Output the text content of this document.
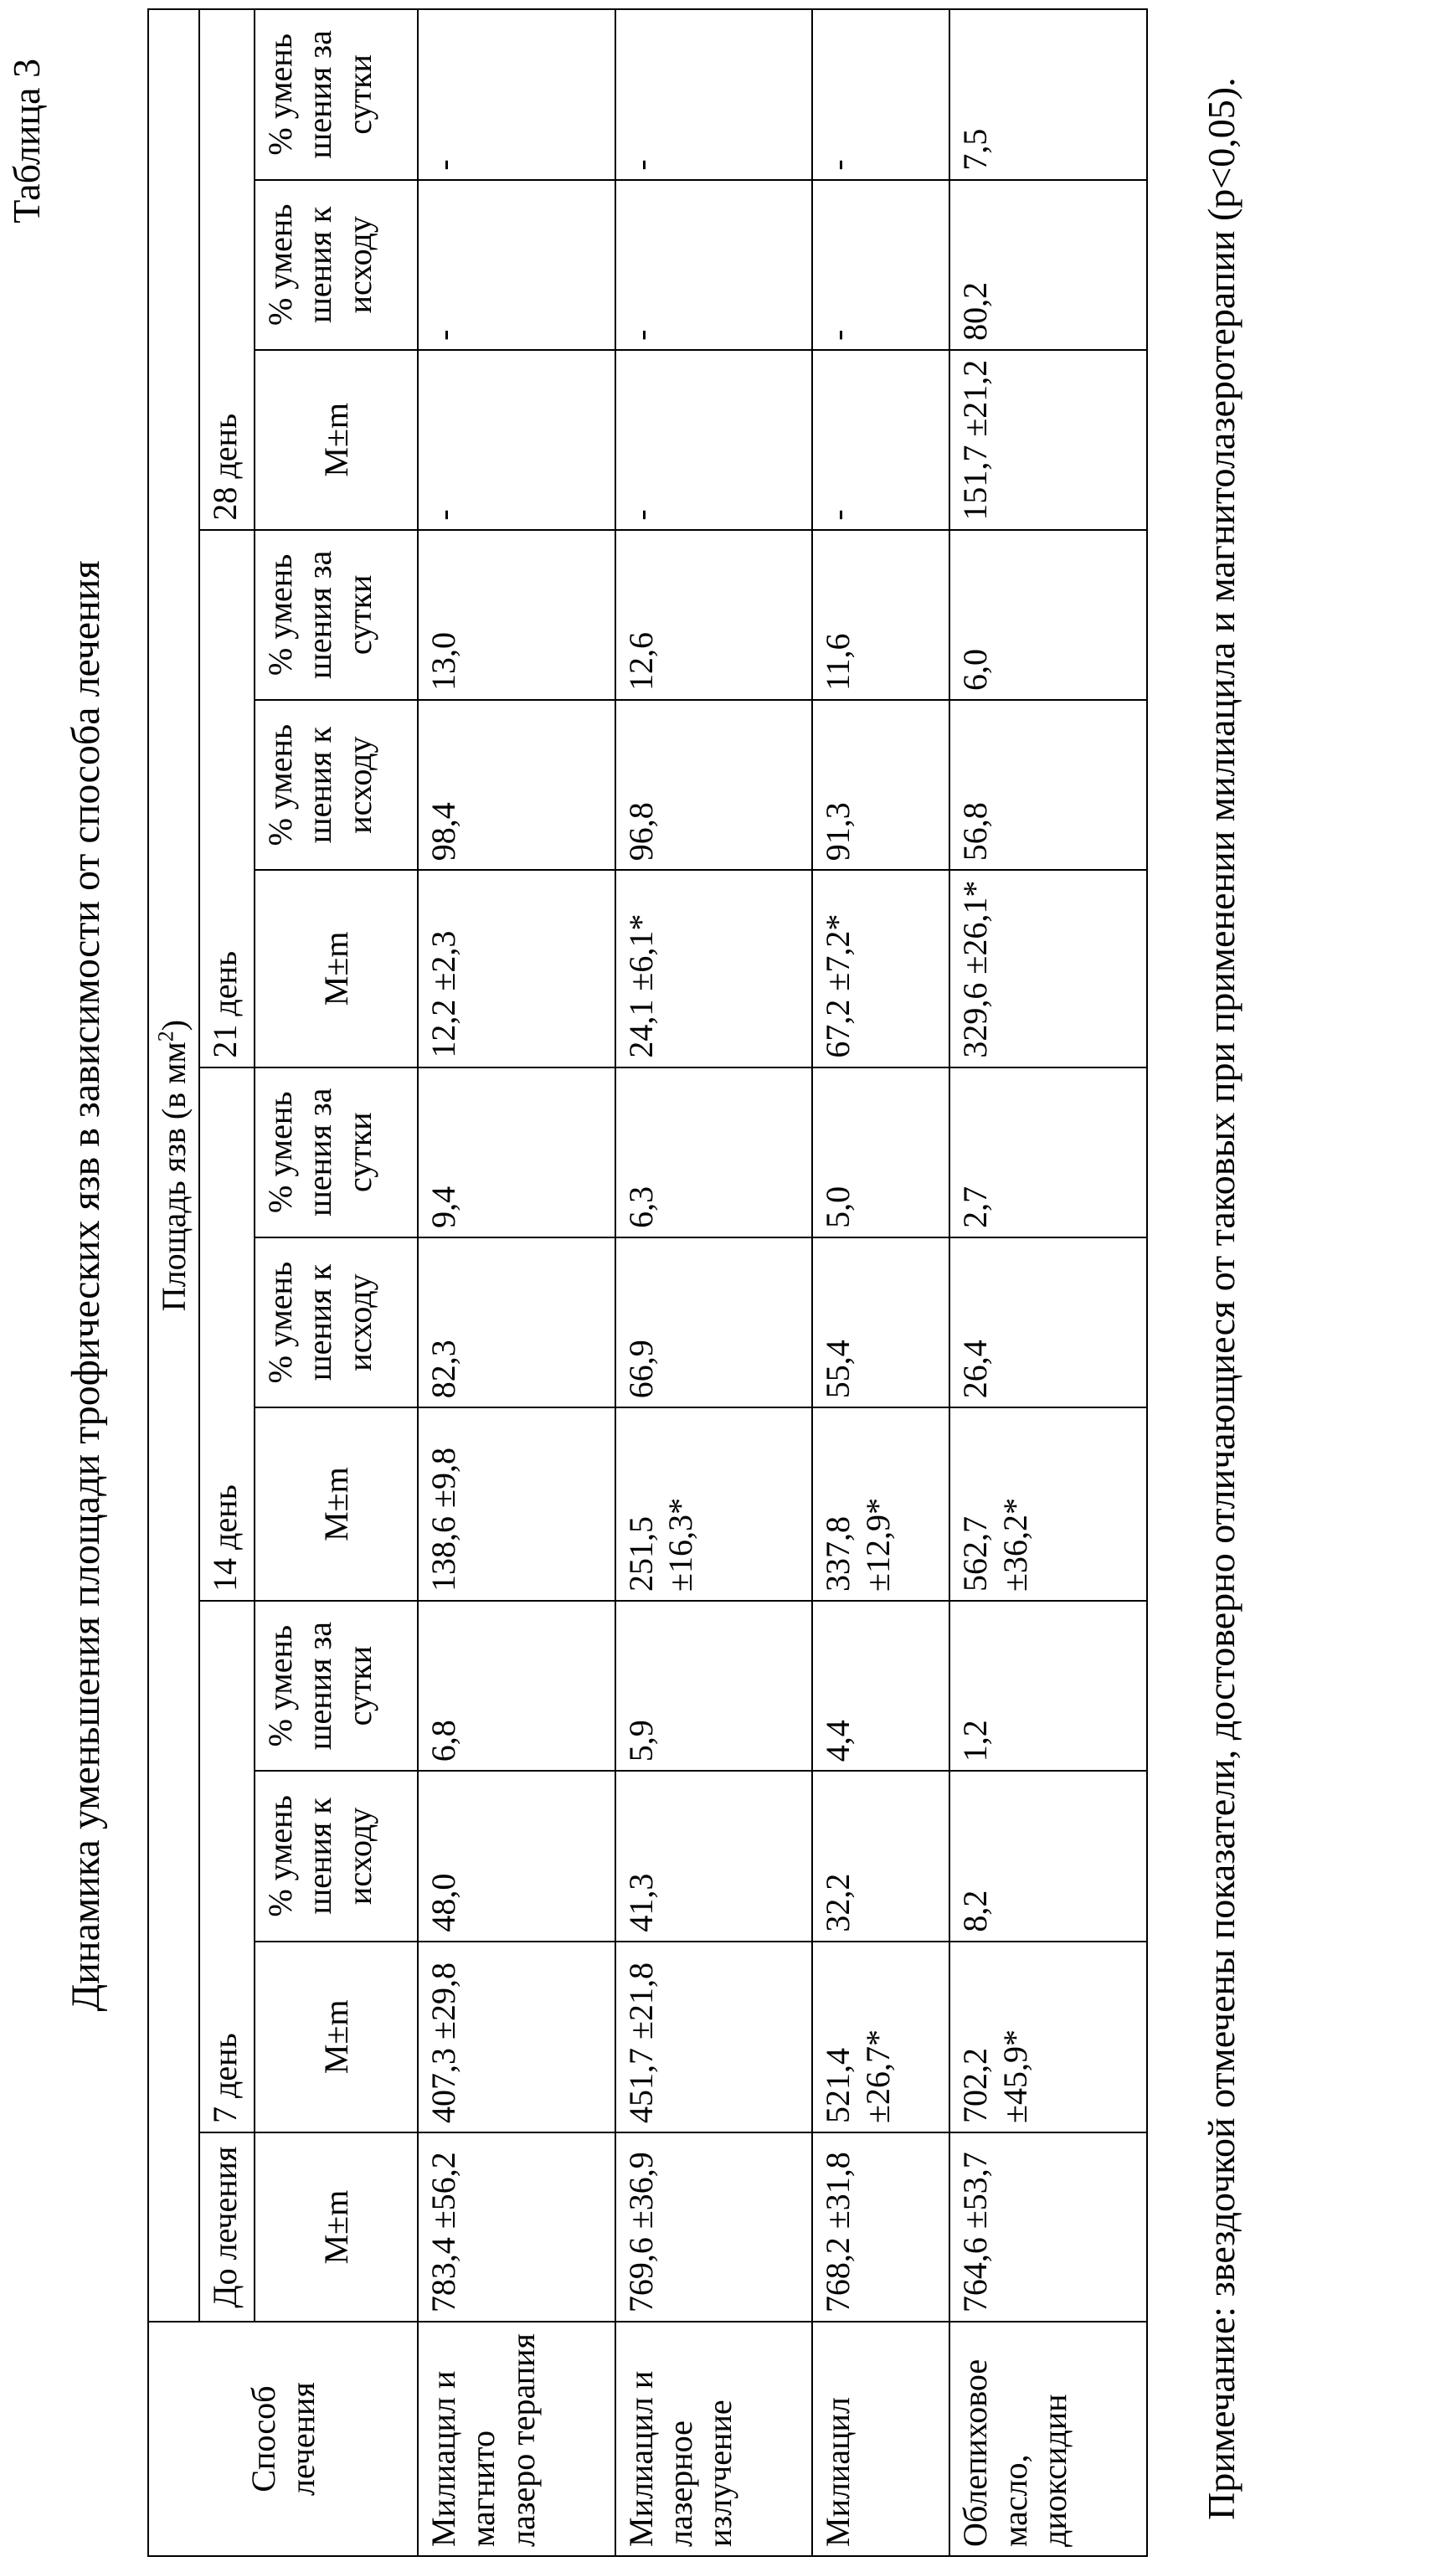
Таблица 3
Динамика уменьшения площади трофических язв в зависимости от способа лечения
Способ лечения	Площадь язв (в $мм^2$)												
	До лечения	7 день			14 день			21 день			28 день		
	M±m	M±m	% умень шения к исходу	% умень шения за сутки	M±m	% умень шения к исходу	% умень шения за сутки	M±m	% умень шения к исходу	% умень шения за сутки	M±m	% умень шения к исходу	% умень шения за сутки
Милиацил и магнито лазеро терапия	783,4 ±56,2	407,3 ±29,8	48,0	6,8	138,6 ±9,8	82,3	9,4	12,2 ±2,3	98,4	13,0	-	-	-
Милиацил и лазерное излучение	769,6 ±36,9	451,7 ±21,8	41,3	5,9	251,5 ±16,3*	66,9	6,3	24,1 ±6,1*	96,8	12,6	-	-	-
Милиацил	768,2 ±31,8	521,4 ±26,7*	32,2	4,4	337,8 ±12,9*	55,4	5,0	67,2 ±7,2*	91,3	11,6	-	-	-
Облепиховое масло, диоксидин	764,6 ±53,7	702,2 ±45,9*	8,2	1,2	562,7 ±36,2*	26,4	2,7	329,6 ±26,1*	56,8	6,0	151,7 ±21,2	80,2	7,5	Примечание: звездочкой отмечены показатели, достоверно отличающиеся от таковых при применении милиацила и магнитолазеротерапии (p<0,05).
